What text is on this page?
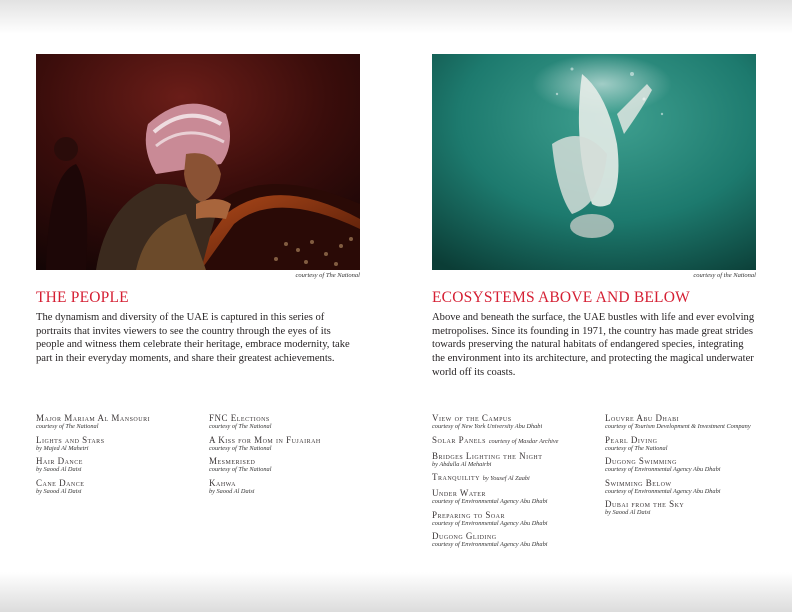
courtesy of The National
THE PEOPLE

The dynamism and diversity of the UAE is captured in this series of portraits that invites viewers to see the country through the eyes of its people and witness them celebrate their heritage, embrace modernity, take part in their everyday moments, and share their greatest achievements.

Major Mariam Al Mansouri
courtesy of The National
Lights and Stars
by Majed Al Mahetri
Hair Dance
by Saood Al Daisi
Cane Dance
by Saood Al Daisi
FNC Elections
courtesy of The National
A Kiss for Mom in Fujairah
courtesy of The National
Mesmerised
courtesy of The National
Kahwa
by Saood Al Daisi
courtesy of the National
ECOSYSTEMS ABOVE AND BELOW

Above and beneath the surface, the UAE bustles with life and ever evolving metropolises. Since its founding in 1971, the country has made great strides towards preserving the natural habitats of endangered species, integrating the environment into its architecture, and protecting the magical underwater world off its coasts.

View of the Campus
courtesy of New York University Abu Dhabi
Solar Panels courtesy of Masdar Archive
Bridges Lighting the Night
by Abdulla Al Mehairbi
Tranquility by Yousef Al Zaabi
Under Water
courtesy of Environmental Agency Abu Dhabi
Preparing to Soar
courtesy of Environmental Agency Abu Dhabi
Dugong Gliding
courtesy of Environmental Agency Abu Dhabi
Louvre Abu Dhabi
courtesy of Tourism Development & Investment Company
Pearl Diving
courtesy of The National
Dugong Swimming
courtesy of Environmental Agency Abu Dhabi
Swimming Below
courtesy of Environmental Agency Abu Dhabi
Dubai from the Sky
by Saood Al Daisi
